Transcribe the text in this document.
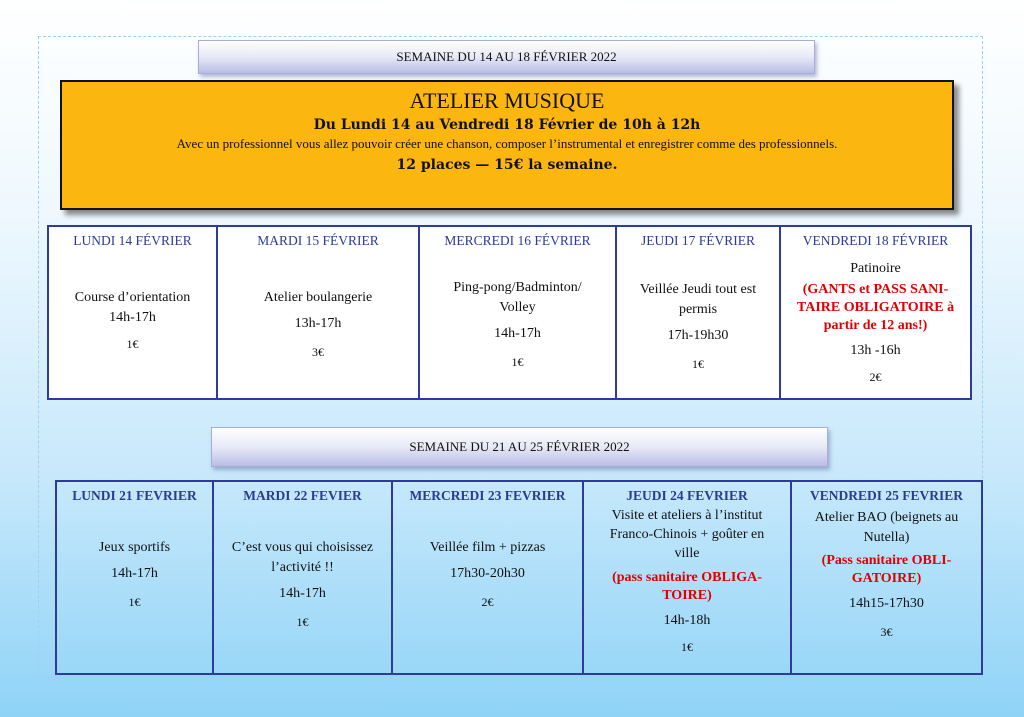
SEMAINE DU 14 AU 18 FÉVRIER 2022
ATELIER MUSIQUE
Du Lundi 14 au Vendredi 18 Février de 10h à 12h
Avec un professionnel vous allez pouvoir créer une chanson, composer l’instrumental et enregistrer comme des professionnels.
12 places — 15€ la semaine.
LUNDI 14 FÉVRIER
Course d’orientation
14h-17h
1€
MARDI 15 FÉVRIER
Atelier boulangerie
13h-17h
3€
MERCREDI 16 FÉVRIER
Ping-pong/Badminton/
Volley
14h-17h
1€
JEUDI 17 FÉVRIER
Veillée Jeudi tout est
permis
17h-19h30
1€
VENDREDI 18 FÉVRIER
Patinoire
(GANTS et PASS SANI-
TAIRE OBLIGATOIRE à
partir de 12 ans!)
13h -16h
2€
SEMAINE DU 21 AU 25 FÉVRIER 2022
LUNDI 21 FEVRIER
Jeux sportifs
14h-17h
1€
MARDI 22 FEVIER
C’est vous qui choisissez
l’activité !!
14h-17h
1€
MERCREDI 23 FEVRIER
Veillée film + pizzas
17h30-20h30
2€
JEUDI 24 FEVRIER
Visite et ateliers à l’institut
Franco-Chinois + goûter en
ville
(pass sanitaire OBLIGA-
TOIRE)
14h-18h
1€
VENDREDI 25 FEVRIER
Atelier BAO (beignets au
Nutella)
(Pass sanitaire OBLI-
GATOIRE)
14h15-17h30
3€
